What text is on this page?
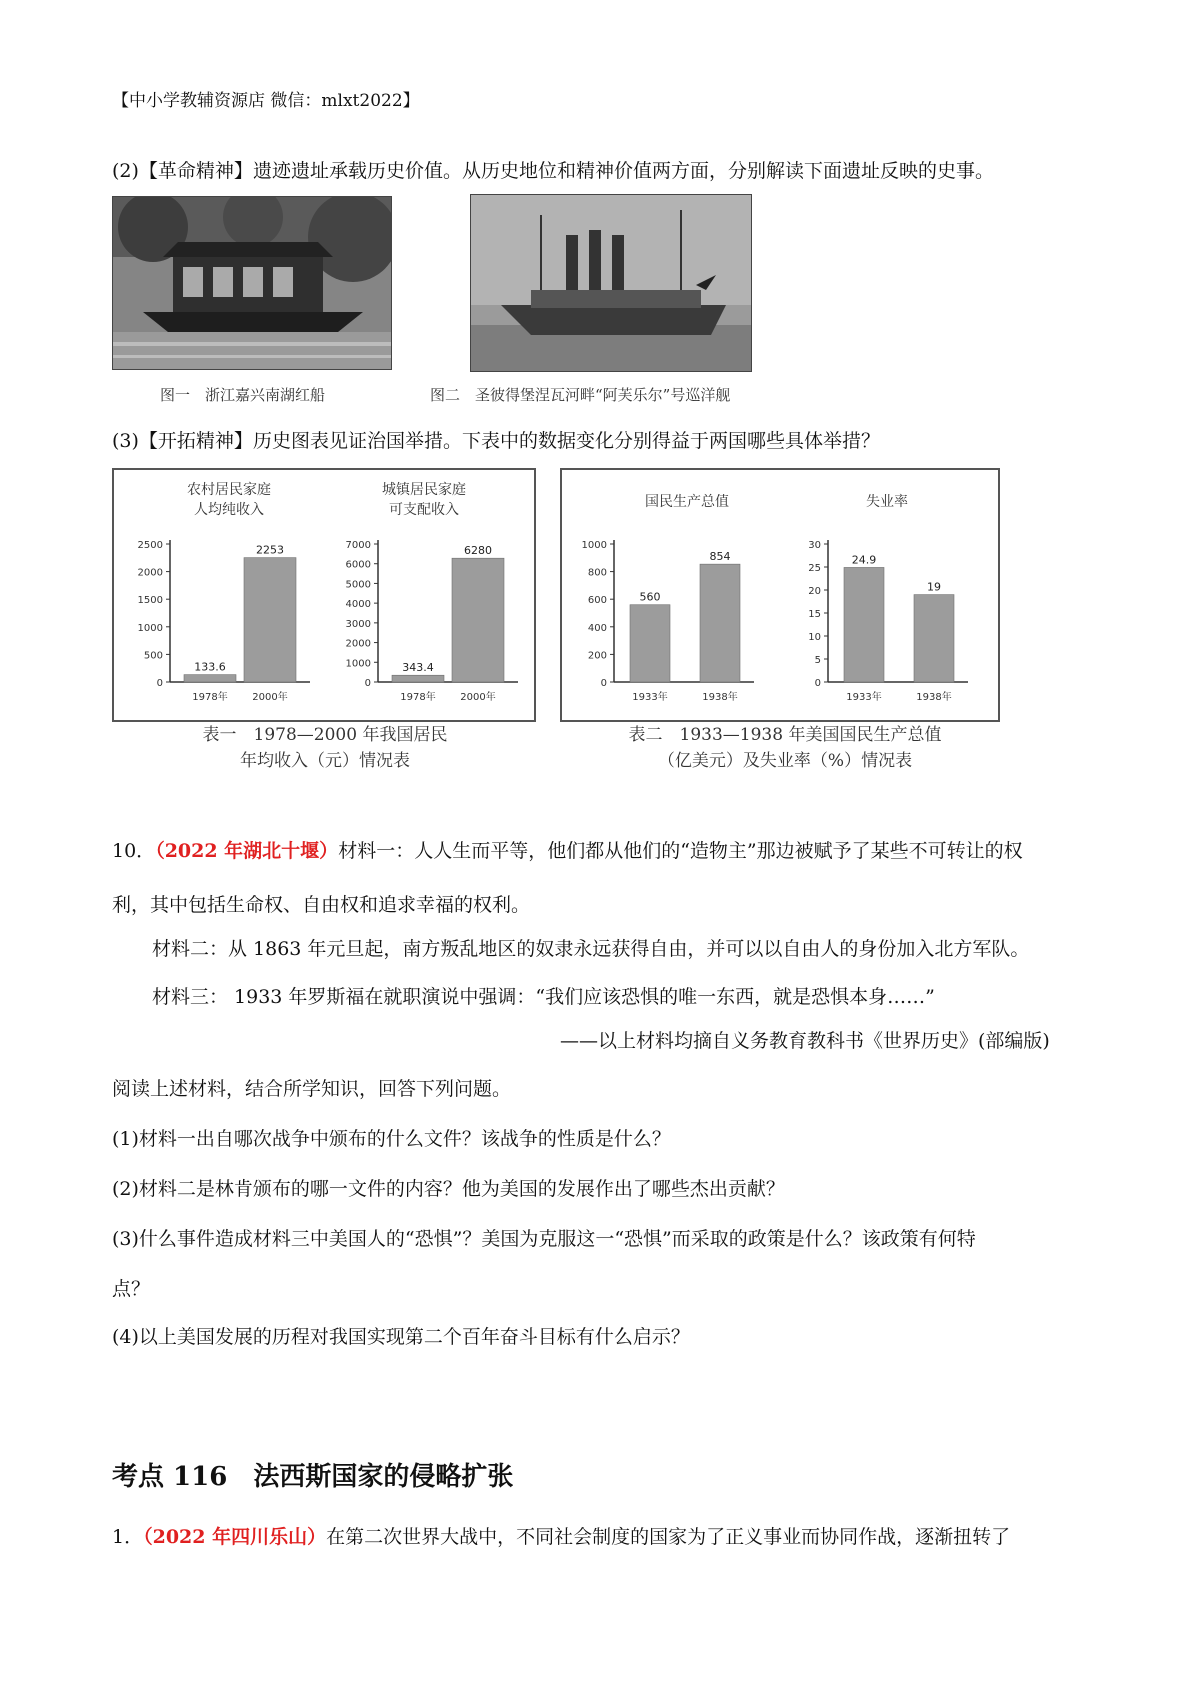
【中小学教辅资源店 微信：mlxt2022】
(2)【革命精神】遗迹遗址承载历史价值。从历史地位和精神价值两方面，分别解读下面遗址反映的史事。
图一　浙江嘉兴南湖红船	图二　圣彼得堡涅瓦河畔“阿芙乐尔”号巡洋舰
(3)【开拓精神】历史图表见证治国举措。下表中的数据变化分别得益于两国哪些具体举措？
农村居民家庭
人均纯收入
城镇居民家庭
可支配收入
0
500
1000
1500
2000
2500
133.6
1978年
2253
2000年
0
1000
2000
3000
4000
5000
6000
7000
343.4
1978年
6280
2000年
国民生产总值	失业率
0
200
400
600
800
1000
560
1933年
854
1938年
0
5
10
15
20
25
30
24.9
1933年
19
1938年
表一　1978—2000 年我国居民
年均收入（元）情况表
表二　1933—1938 年美国国民生产总值
（亿美元）及失业率（%）情况表
10．（2022 年湖北十堰）材料一：人人生而平等，他们都从他们的“造物主”那边被赋予了某些不可转让的权
利，其中包括生命权、自由权和追求幸福的权利。
材料二：从 1863 年元旦起，南方叛乱地区的奴隶永远获得自由，并可以以自由人的身份加入北方军队。
材料三： 1933 年罗斯福在就职演说中强调：“我们应该恐惧的唯一东西，就是恐惧本身……”
——以上材料均摘自义务教育教科书《世界历史》(部编版)
阅读上述材料，结合所学知识，回答下列问题。
(1)材料一出自哪次战争中颁布的什么文件？该战争的性质是什么？
(2)材料二是林肯颁布的哪一文件的内容？他为美国的发展作出了哪些杰出贡献？
(3)什么事件造成材料三中美国人的“恐惧”？美国为克服这一“恐惧”而采取的政策是什么？该政策有何特
点？
(4)以上美国发展的历程对我国实现第二个百年奋斗目标有什么启示？
考点 116　法西斯国家的侵略扩张
1．（2022 年四川乐山）在第二次世界大战中，不同社会制度的国家为了正义事业而协同作战，逐渐扭转了
